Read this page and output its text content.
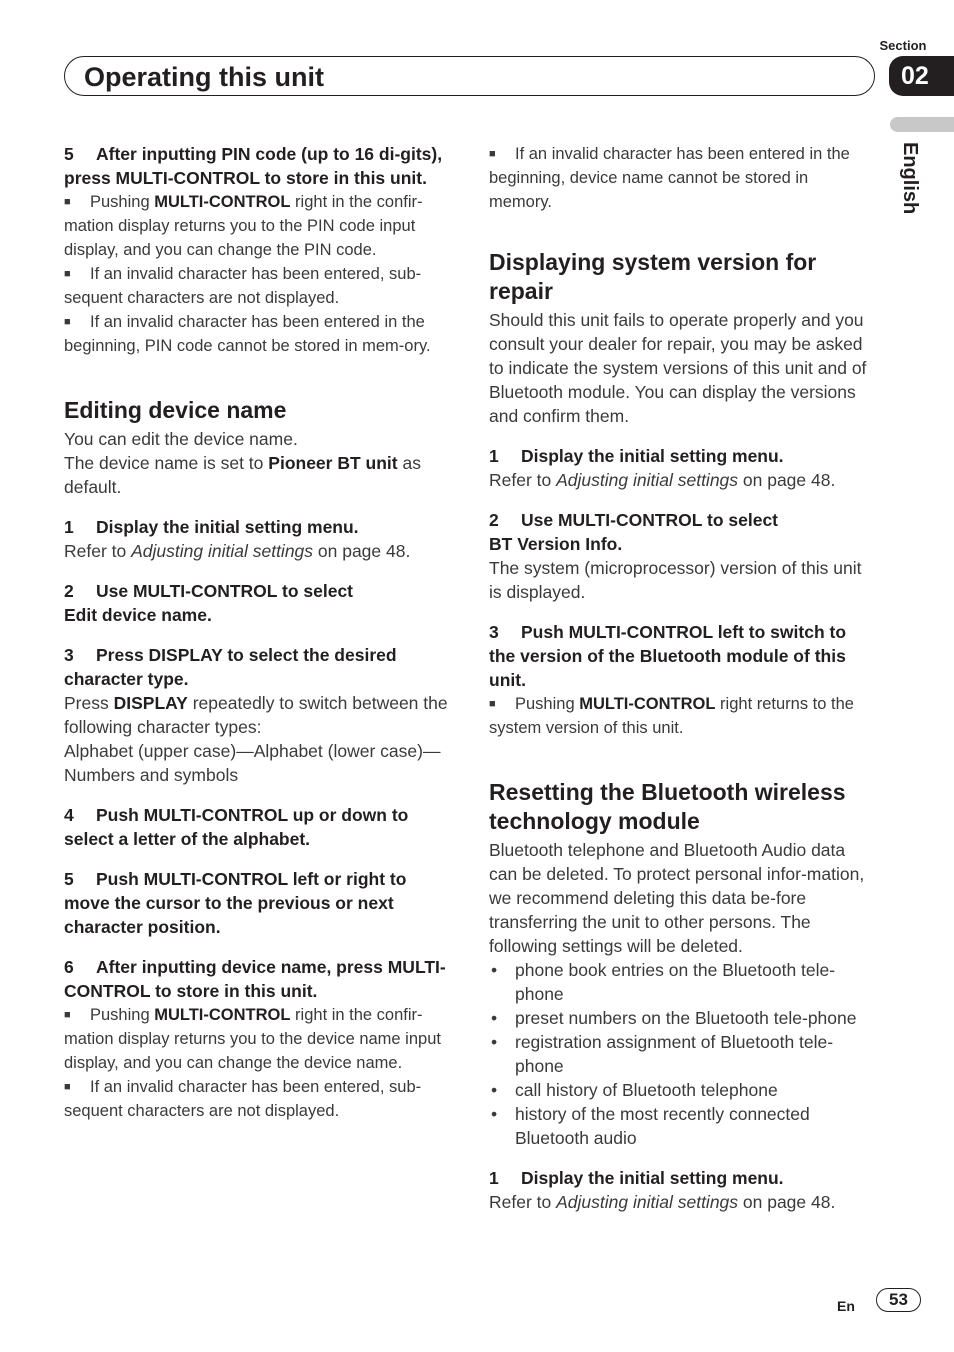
Section
02
Operating this unit
English

5 After inputting PIN code (up to 16 di-gits), press MULTI-CONTROL to store in this unit.

■ Pushing MULTI-CONTROL right in the confir-mation display returns you to the PIN code input display, and you can change the PIN code.

■ If an invalid character has been entered, sub-sequent characters are not displayed.

■ If an invalid character has been entered in the beginning, PIN code cannot be stored in mem-ory.

Editing device name

You can edit the device name.

The device name is set to Pioneer BT unit as default.

1 Display the initial setting menu.

Refer to Adjusting initial settings on page 48.

2 Use MULTI-CONTROL to select
Edit device name.

3 Press DISPLAY to select the desired character type.

Press DISPLAY repeatedly to switch between the following character types:

Alphabet (upper case)—Alphabet (lower case)—Numbers and symbols

4 Push MULTI-CONTROL up or down to select a letter of the alphabet.

5 Push MULTI-CONTROL left or right to move the cursor to the previous or next character position.

6 After inputting device name, press MULTI-CONTROL to store in this unit.

■ Pushing MULTI-CONTROL right in the confir-mation display returns you to the device name input display, and you can change the device name.

■ If an invalid character has been entered, sub-sequent characters are not displayed.

■ If an invalid character has been entered in the beginning, device name cannot be stored in memory.

Displaying system version for repair

Should this unit fails to operate properly and you consult your dealer for repair, you may be asked to indicate the system versions of this unit and of Bluetooth module. You can display the versions and confirm them.

1 Display the initial setting menu.

Refer to Adjusting initial settings on page 48.

2 Use MULTI-CONTROL to select
BT Version Info.

The system (microprocessor) version of this unit is displayed.

3 Push MULTI-CONTROL left to switch to the version of the Bluetooth module of this unit.

■ Pushing MULTI-CONTROL right returns to the system version of this unit.

Resetting the Bluetooth wireless technology module

Bluetooth telephone and Bluetooth Audio data can be deleted. To protect personal infor-mation, we recommend deleting this data be-fore transferring the unit to other persons. The following settings will be deleted.

• phone book entries on the Bluetooth tele-phone
• preset numbers on the Bluetooth tele-phone
• registration assignment of Bluetooth tele-phone
• call history of Bluetooth telephone
• history of the most recently connected Bluetooth audio

1 Display the initial setting menu.

Refer to Adjusting initial settings on page 48.

En	53
